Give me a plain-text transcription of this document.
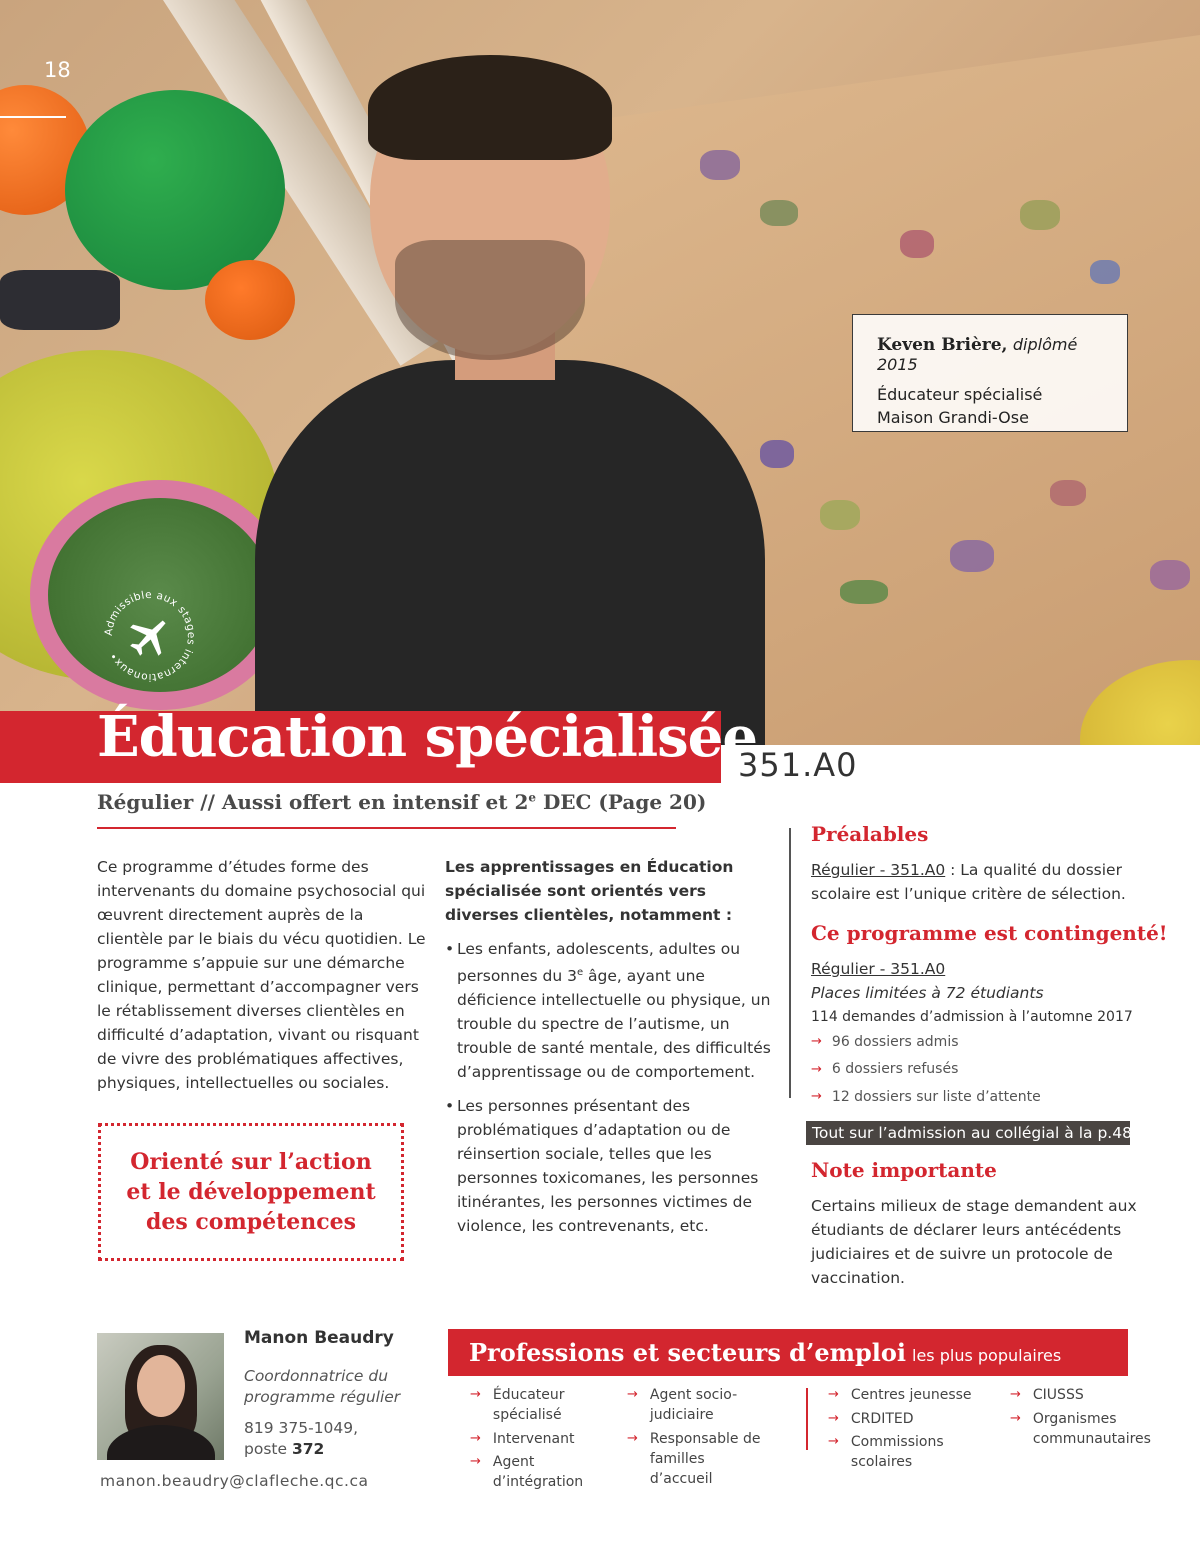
18
Keven Brière, diplômé 2015
Éducateur spécialisé
Maison Grandi-Ose
Admissible aux stages internationaux•
Éducation spécialisée
351.A0
Régulier // Aussi offert en intensif et 2e DEC (Page 20)

Ce programme d’études forme des intervenants du domaine psychosocial qui œuvrent directement auprès de la clientèle par le biais du vécu quotidien. Le programme s’appuie sur une démarche clinique, permettant d’accompagner vers le rétablissement diverses clientèles en difficulté d’adaptation, vivant ou risquant de vivre des problématiques affectives, physiques, intellectuelles ou sociales.

Orienté sur l’action et le développement des compétences

Les apprentissages en Éducation spécialisée sont orientés vers diverses clientèles, notamment :

• Les enfants, adolescents, adultes ou personnes du 3e âge, ayant une déficience intellectuelle ou physique, un trouble du spectre de l’autisme, un trouble de santé mentale, des difficultés d’apprentissage ou de comportement.
• Les personnes présentant des problématiques d’adaptation ou de réinsertion sociale, telles que les personnes toxicomanes, les personnes itinérantes, les personnes victimes de violence, les contrevenants, etc.
Préalables

Régulier - 351.A0 : La qualité du dossier scolaire est l’unique critère de sélection.

Ce programme est contingenté!

Régulier - 351.A0

Places limitées à 72 étudiants

114 demandes d’admission à l’automne 2017

→ 96 dossiers admis
→ 6 dossiers refusés
→ 12 dossiers sur liste d’attente
Tout sur l’admission au collégial à la p.48.
Note importante

Certains milieux de stage demandent aux étudiants de déclarer leurs antécédents judiciaires et de suivre un protocole de vaccination.

Manon Beaudry
Coordonnatrice du programme régulier
819 375-1049,
poste 372
manon.beaudry@clafleche.qc.ca
Professions et secteurs d’emploi les plus populaires
→ Éducateur spécialisé
→ Intervenant
→ Agent d’intégration
→ Agent socio-judiciaire
→ Responsable de familles d’accueil
→ Centres jeunesse
→ CRDITED
→ Commissions scolaires
→ CIUSSS
→ Organismes communautaires
